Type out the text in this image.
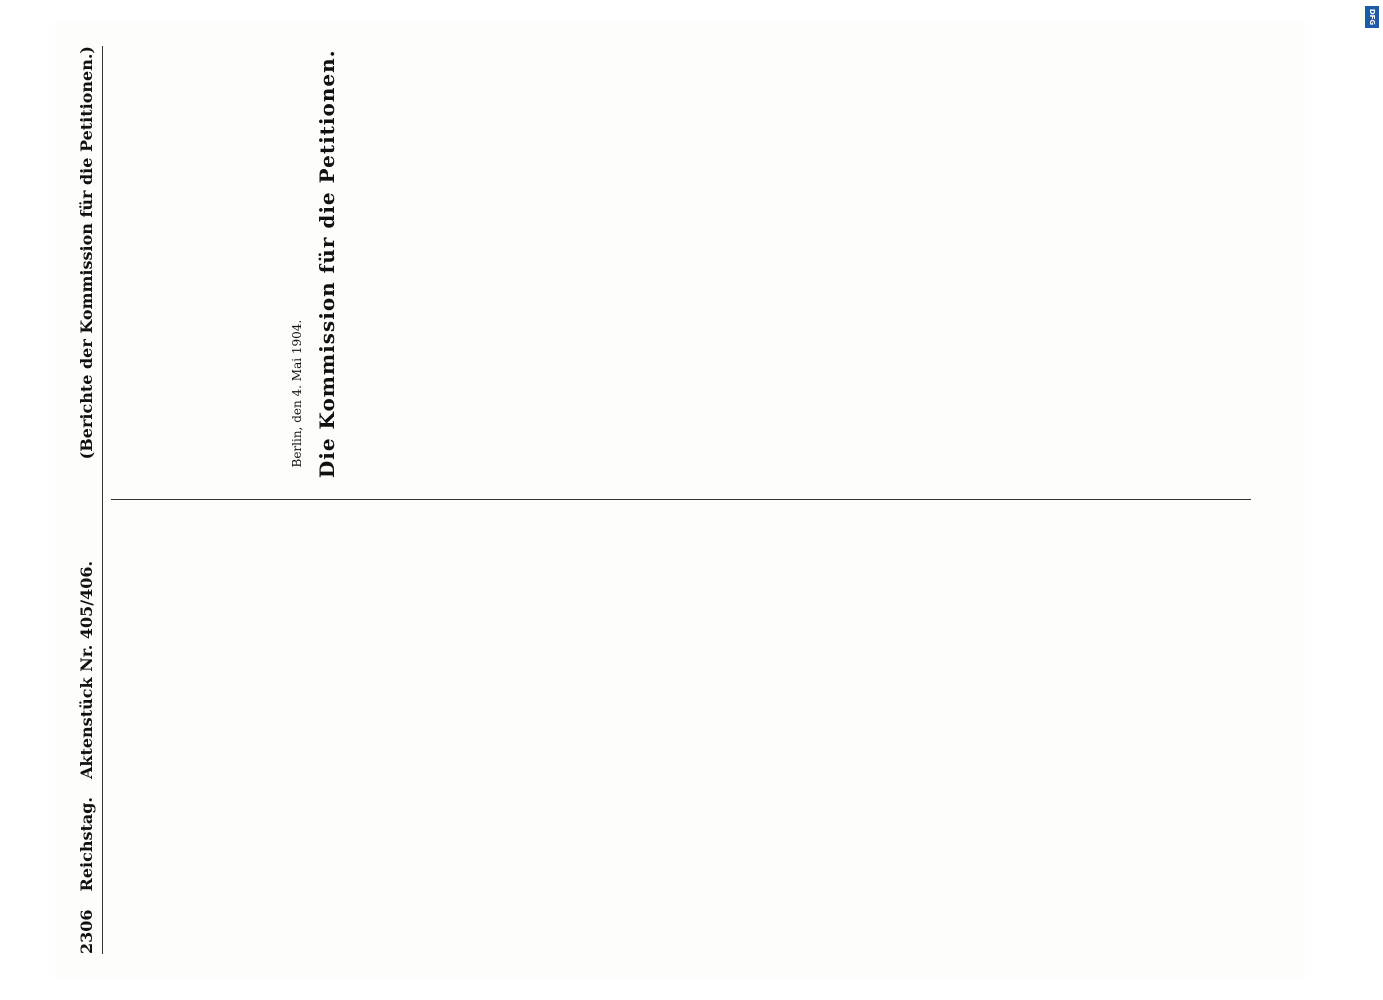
2306
Reichstag.
Aktenstück Nr. 405/406.
(Berichte der Kommission für die Petitionen.)	Berlin, den 4. Mai 1904. Die Kommission für die Petitionen.

DFG
